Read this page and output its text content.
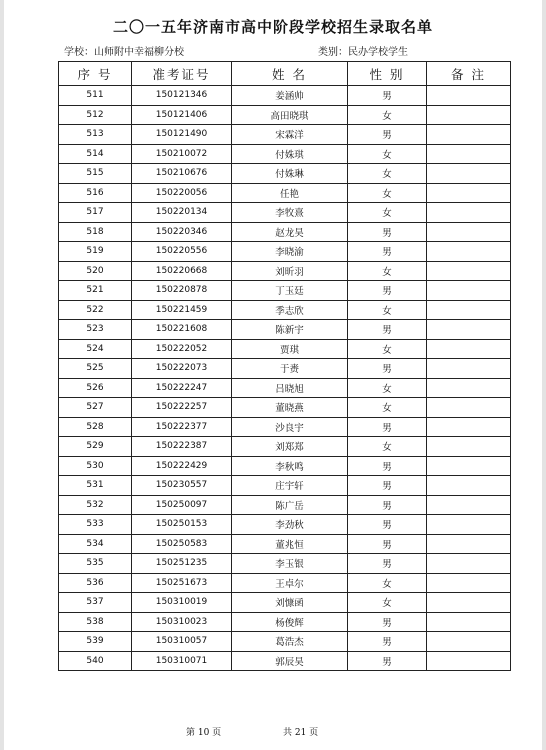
二〇一五年济南市高中阶段学校招生录取名单
学校：山师附中幸福柳分校	类别：民办学校学生
序 号	准考证号	姓 名	性 别	备 注
511	150121346	姜涵帅	男	
512	150121406	高田晓琪	女	
513	150121490	宋霖洋	男	
514	150210072	付姝琪	女	
515	150210676	付姝琳	女	
516	150220056	任艳	女	
517	150220134	李牧熹	女	
518	150220346	赵龙昊	男	
519	150220556	李晓渝	男	
520	150220668	刘昕羽	女	
521	150220878	丁玉廷	男	
522	150221459	季志欣	女	
523	150221608	陈新宇	男	
524	150222052	贾琪	女	
525	150222073	于赉	男	
526	150222247	吕晓旭	女	
527	150222257	董晓燕	女	
528	150222377	沙良宇	男	
529	150222387	刘郑郑	女	
530	150222429	李秋鸣	男	
531	150230557	庄宇轩	男	
532	150250097	陈广岳	男	
533	150250153	李劲秋	男	
534	150250583	董兆恒	男	
535	150251235	李玉银	男	
536	150251673	王卓尔	女	
537	150310019	刘慷函	女	
538	150310023	杨俊辉	男	
539	150310057	葛浩杰	男	
540	150310071	郭辰昊	男	
第 10 页	共 21 页
